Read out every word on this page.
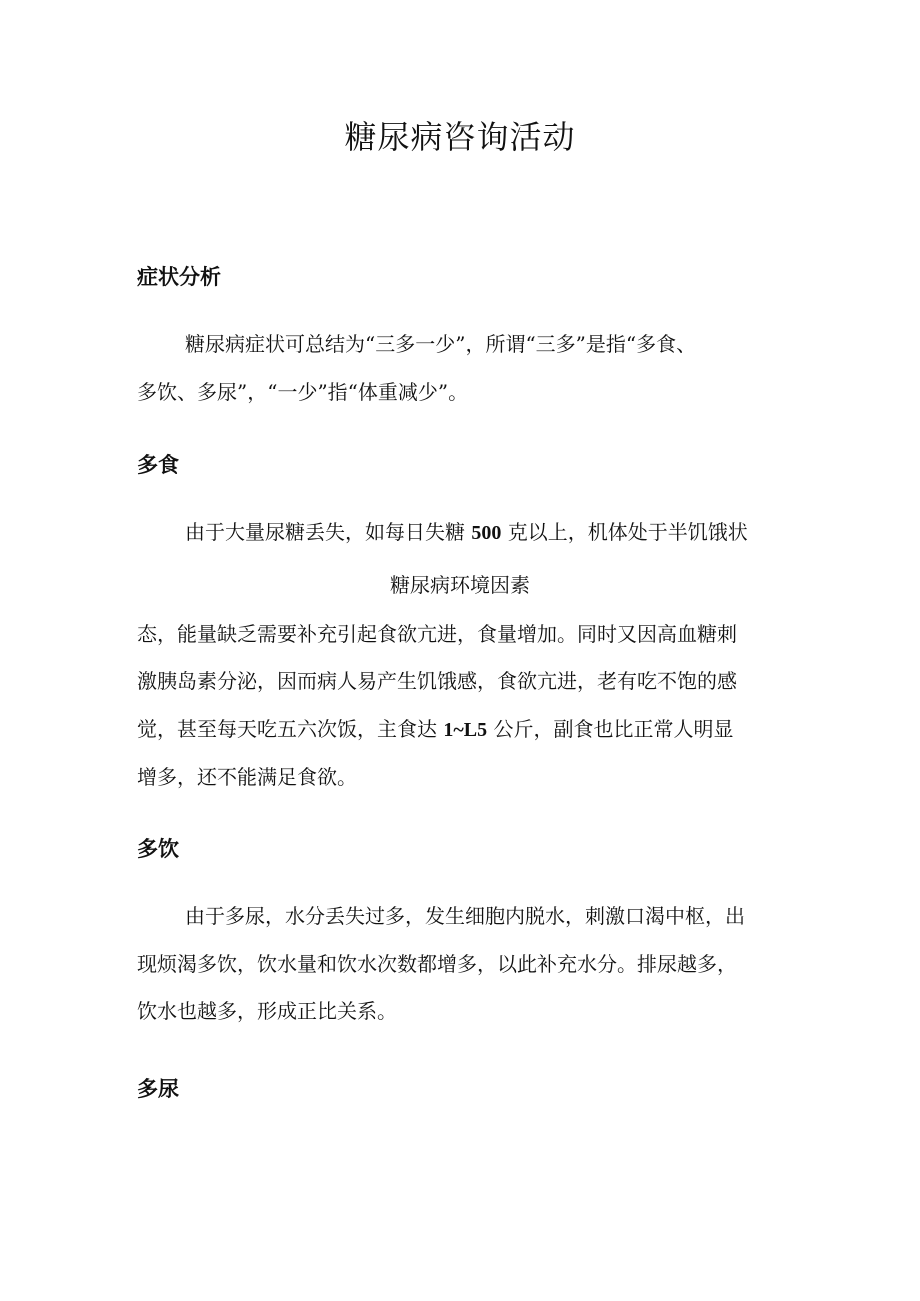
糖尿病咨询活动
症状分析
糖尿病症状可总结为“三多一少”，所谓“三多”是指“多食、
多饮、多尿”，“一少”指“体重减少”。
多食
由于大量尿糖丢失，如每日失糖 500 克以上，机体处于半饥饿状
糖尿病环境因素
态，能量缺乏需要补充引起食欲亢进，食量增加。同时又因高血糖刺
激胰岛素分泌，因而病人易产生饥饿感，食欲亢进，老有吃不饱的感
觉，甚至每天吃五六次饭，主食达 1~L5 公斤，副食也比正常人明显
增多，还不能满足食欲。
多饮
由于多尿，水分丢失过多，发生细胞内脱水，刺激口渴中枢，出
现烦渴多饮，饮水量和饮水次数都增多，以此补充水分。排尿越多，
饮水也越多，形成正比关系。
多尿
